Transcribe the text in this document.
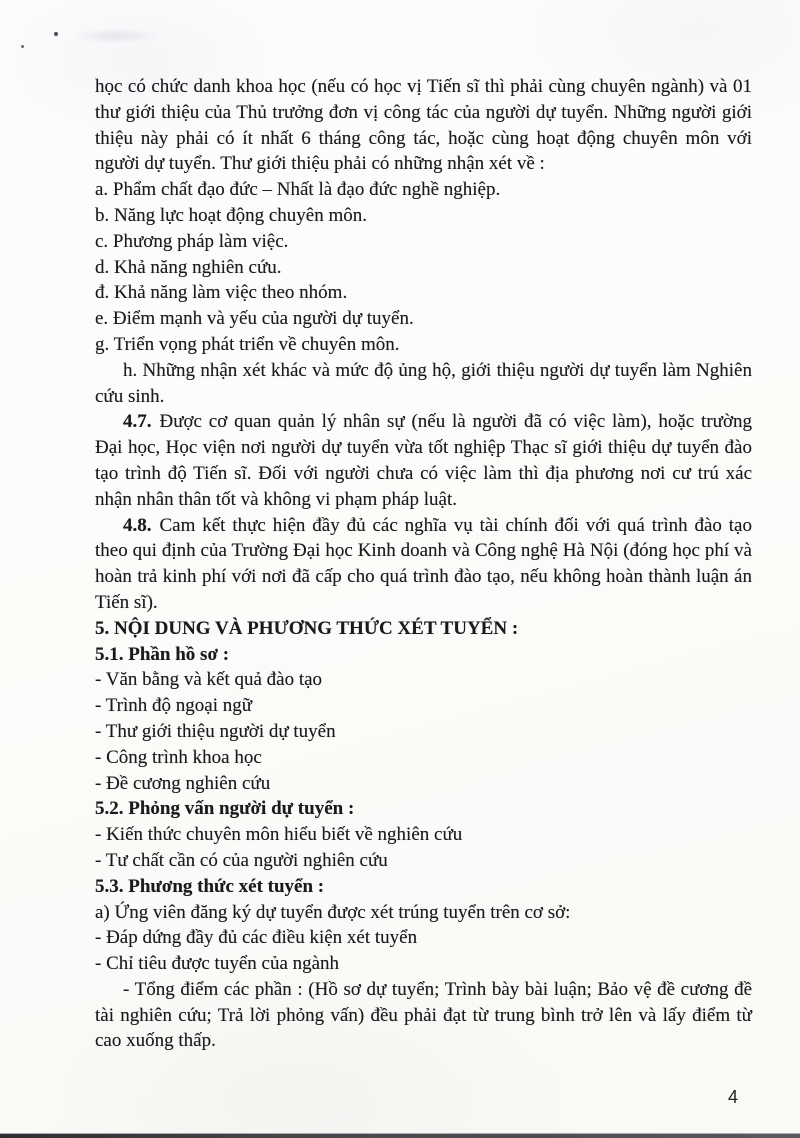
học có chức danh khoa học (nếu có học vị Tiến sĩ thì phải cùng chuyên ngành) và 01 thư giới thiệu của Thủ trưởng đơn vị công tác của người dự tuyển. Những người giới thiệu này phải có ít nhất 6 tháng công tác, hoặc cùng hoạt động chuyên môn với người dự tuyển. Thư giới thiệu phải có những nhận xét về :

a. Phẩm chất đạo đức – Nhất là đạo đức nghề nghiệp.

b. Năng lực hoạt động chuyên môn.

c. Phương pháp làm việc.

d. Khả năng nghiên cứu.

đ. Khả năng làm việc theo nhóm.

e. Điểm mạnh và yếu của người dự tuyển.

g. Triển vọng phát triển về chuyên môn.

h. Những nhận xét khác và mức độ ủng hộ, giới thiệu người dự tuyển làm Nghiên cứu sinh.

4.7. Được cơ quan quản lý nhân sự (nếu là người đã có việc làm), hoặc trường Đại học, Học viện nơi người dự tuyển vừa tốt nghiệp Thạc sĩ giới thiệu dự tuyển đào tạo trình độ Tiến sĩ. Đối với người chưa có việc làm thì địa phương nơi cư trú xác nhận nhân thân tốt và không vi phạm pháp luật.

4.8. Cam kết thực hiện đầy đủ các nghĩa vụ tài chính đối với quá trình đào tạo theo qui định của Trường Đại học Kinh doanh và Công nghệ Hà Nội (đóng học phí và hoàn trả kinh phí với nơi đã cấp cho quá trình đào tạo, nếu không hoàn thành luận án Tiến sĩ).

5. NỘI DUNG VÀ PHƯƠNG THỨC XÉT TUYỂN :

5.1. Phần hồ sơ :

- Văn bằng và kết quả đào tạo

- Trình độ ngoại ngữ

- Thư giới thiệu người dự tuyển

- Công trình khoa học

- Đề cương nghiên cứu

5.2. Phỏng vấn người dự tuyển :

- Kiến thức chuyên môn hiểu biết về nghiên cứu

- Tư chất cần có của người nghiên cứu

5.3. Phương thức xét tuyển :

a) Ứng viên đăng ký dự tuyển được xét trúng tuyển trên cơ sở:

- Đáp dứng đầy đủ các điều kiện xét tuyển

- Chỉ tiêu được tuyển của ngành

- Tổng điểm các phần : (Hồ sơ dự tuyển; Trình bày bài luận; Bảo vệ đề cương đề tài nghiên cứu; Trả lời phỏng vấn) đều phải đạt từ trung bình trở lên và lấy điểm từ cao xuống thấp.

4
